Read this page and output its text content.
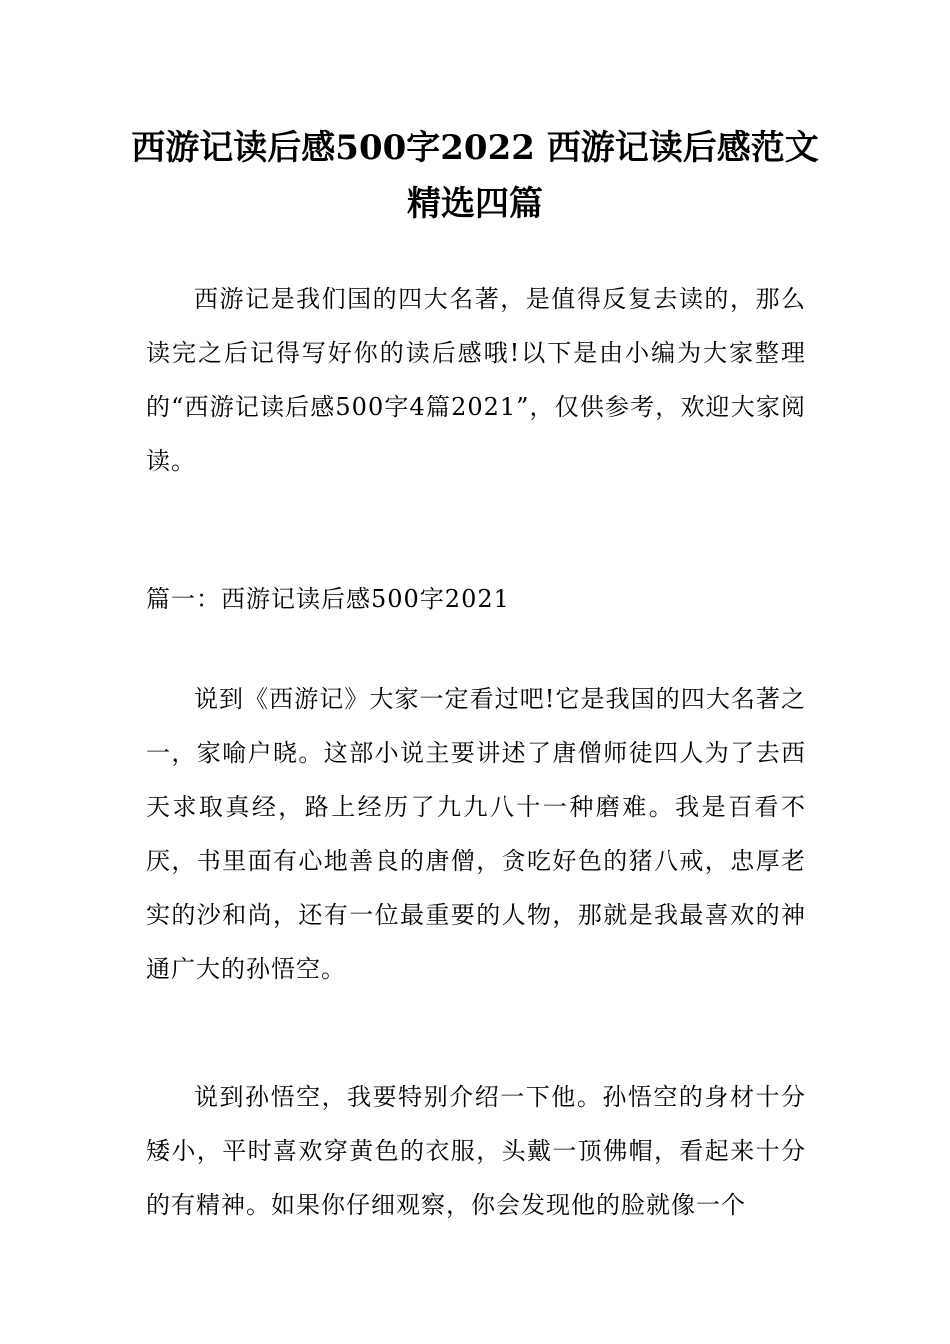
西游记读后感500字2022 西游记读后感范文精选四篇

西游记是我们国的四大名著，是值得反复去读的，那么读完之后记得写好你的读后感哦!以下是由小编为大家整理的“西游记读后感500字4篇2021”，仅供参考，欢迎大家阅读。

篇一：西游记读后感500字2021

说到《西游记》大家一定看过吧!它是我国的四大名著之一，家喻户晓。这部小说主要讲述了唐僧师徒四人为了去西天求取真经，路上经历了九九八十一种磨难。我是百看不厌，书里面有心地善良的唐僧，贪吃好色的猪八戒，忠厚老实的沙和尚，还有一位最重要的人物，那就是我最喜欢的神通广大的孙悟空。

说到孙悟空，我要特别介绍一下他。孙悟空的身材十分矮小，平时喜欢穿黄色的衣服，头戴一顶佛帽，看起来十分的有精神。如果你仔细观察，你会发现他的脸就像一个
